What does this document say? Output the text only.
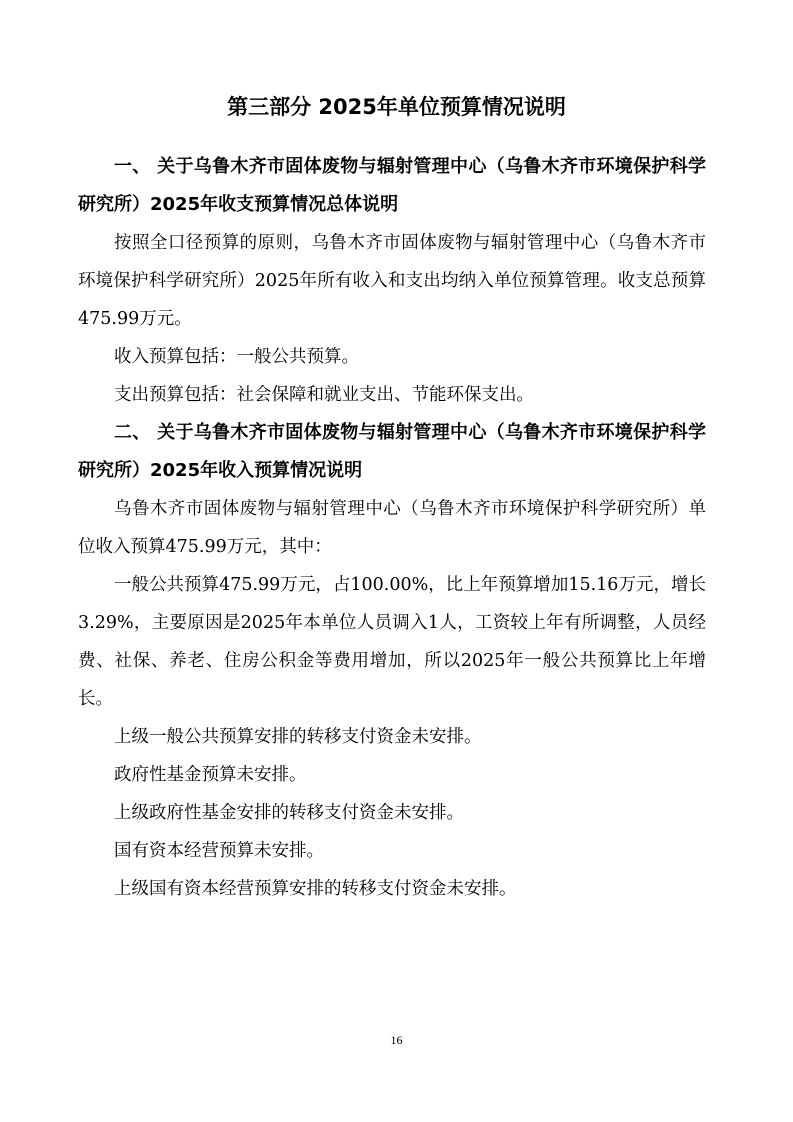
第三部分 2025年单位预算情况说明

一、 关于乌鲁木齐市固体废物与辐射管理中心（乌鲁木齐市环境保护科学研究所）2025年收支预算情况总体说明

按照全口径预算的原则，乌鲁木齐市固体废物与辐射管理中心（乌鲁木齐市环境保护科学研究所）2025年所有收入和支出均纳入单位预算管理。收支总预算475.99万元。

收入预算包括：一般公共预算。

支出预算包括：社会保障和就业支出、节能环保支出。

二、 关于乌鲁木齐市固体废物与辐射管理中心（乌鲁木齐市环境保护科学研究所）2025年收入预算情况说明

乌鲁木齐市固体废物与辐射管理中心（乌鲁木齐市环境保护科学研究所）单位收入预算475.99万元，其中：

一般公共预算475.99万元，占100.00%，比上年预算增加15.16万元，增长3.29%，主要原因是2025年本单位人员调入1人，工资较上年有所调整，人员经费、社保、养老、住房公积金等费用增加，所以2025年一般公共预算比上年增长。

上级一般公共预算安排的转移支付资金未安排。

政府性基金预算未安排。

上级政府性基金安排的转移支付资金未安排。

国有资本经营预算未安排。

上级国有资本经营预算安排的转移支付资金未安排。

16
